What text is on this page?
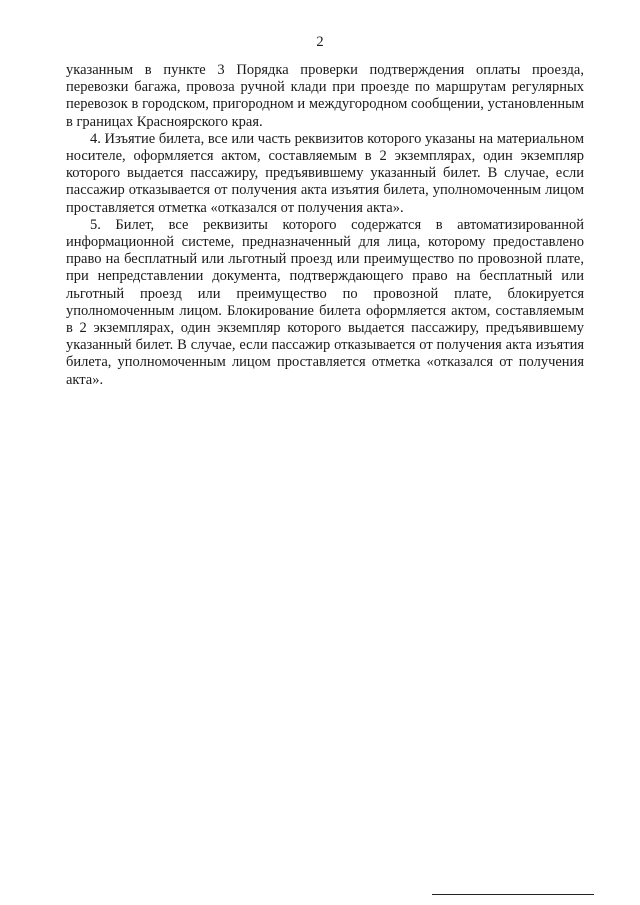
2

указанным в пункте 3 Порядка проверки подтверждения оплаты проезда, перевозки багажа, провоза ручной клади при проезде по маршрутам регулярных перевозок в городском, пригородном и междугородном сообщении, установленным в границах Красноярского края.

4. Изъятие билета, все или часть реквизитов которого указаны на материальном носителе, оформляется актом, составляемым в 2 экземплярах, один экземпляр которого выдается пассажиру, предъявившему указанный билет. В случае, если пассажир отказывается от получения акта изъятия билета, уполномоченным лицом проставляется отметка «отказался от получения акта».

5. Билет, все реквизиты которого содержатся в автоматизированной информационной системе, предназначенный для лица, которому предоставлено право на бесплатный или льготный проезд или преимущество по провозной плате, при непредставлении документа, подтверждающего право на бесплатный или льготный проезд или преимущество по провозной плате, блокируется уполномоченным лицом. Блокирование билета оформляется актом, составляемым в 2 экземплярах, один экземпляр которого выдается пассажиру, предъявившему указанный билет. В случае, если пассажир отказывается от получения акта изъятия билета, уполномоченным лицом проставляется отметка «отказался от получения акта».
